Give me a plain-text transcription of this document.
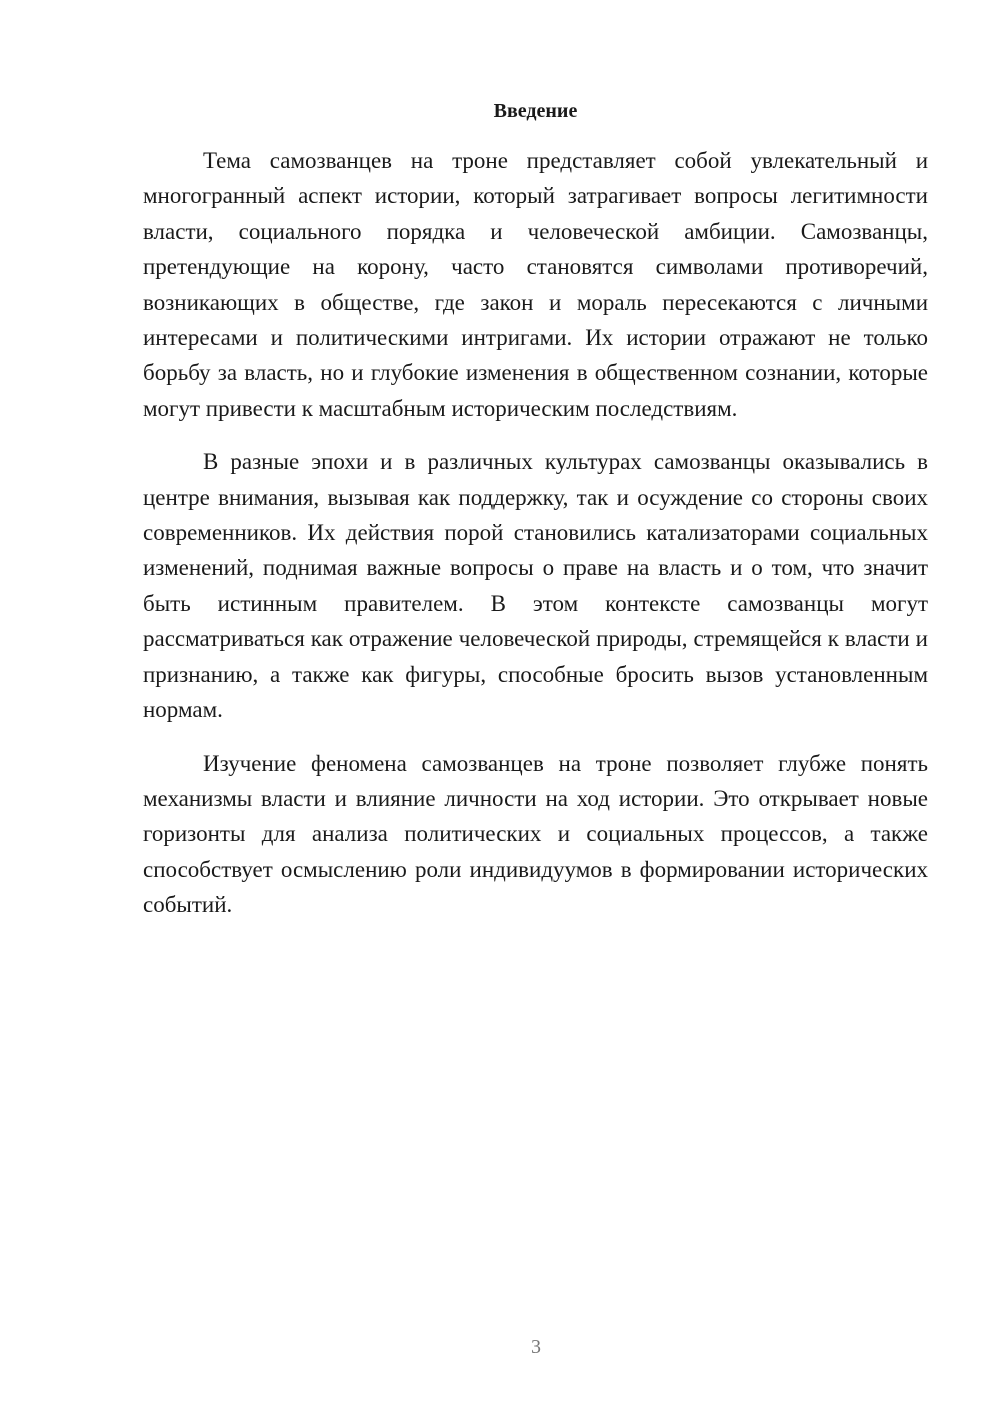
Введение

Тема самозванцев на троне представляет собой увлекательный и многогранный аспект истории, который затрагивает вопросы легитимности власти, социального порядка и человеческой амбиции. Самозванцы, претендующие на корону, часто становятся символами противоречий, возникающих в обществе, где закон и мораль пересекаются с личными интересами и политическими интригами. Их истории отражают не только борьбу за власть, но и глубокие изменения в общественном сознании, которые могут привести к масштабным историческим последствиям.

В разные эпохи и в различных культурах самозванцы оказывались в центре внимания, вызывая как поддержку, так и осуждение со стороны своих современников. Их действия порой становились катализаторами социальных изменений, поднимая важные вопросы о праве на власть и о том, что значит быть истинным правителем. В этом контексте самозванцы могут рассматриваться как отражение человеческой природы, стремящейся к власти и признанию, а также как фигуры, способные бросить вызов установленным нормам.

Изучение феномена самозванцев на троне позволяет глубже понять механизмы власти и влияние личности на ход истории. Это открывает новые горизонты для анализа политических и социальных процессов, а также способствует осмыслению роли индивидуумов в формировании исторических событий.

3
